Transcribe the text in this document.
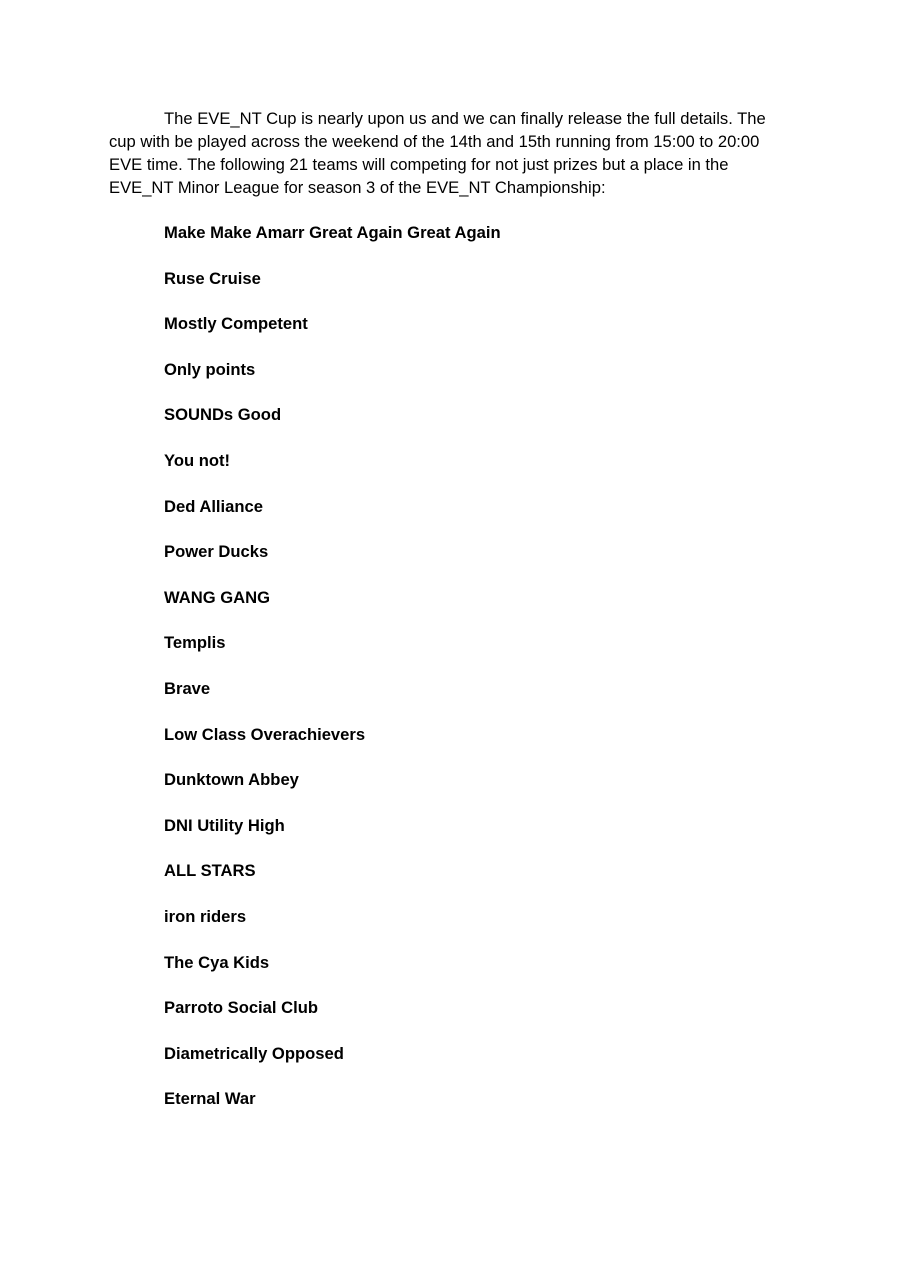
The EVE_NT Cup is nearly upon us and we can finally release the full details. The
cup with be played across the weekend of the 14th and 15th running from 15:00 to 20:00
EVE time. The following 21 teams will competing for not just prizes but a place in the
EVE_NT Minor League for season 3 of the EVE_NT Championship:

Make Make Amarr Great Again Great Again
Ruse Cruise
Mostly Competent
Only points
SOUNDs Good
You not!
Ded Alliance
Power Ducks
WANG GANG
Templis
Brave
Low Class Overachievers
Dunktown Abbey
DNI Utility High
ALL STARS
iron riders
The Cya Kids
Parroto Social Club
Diametrically Opposed
Eternal War
